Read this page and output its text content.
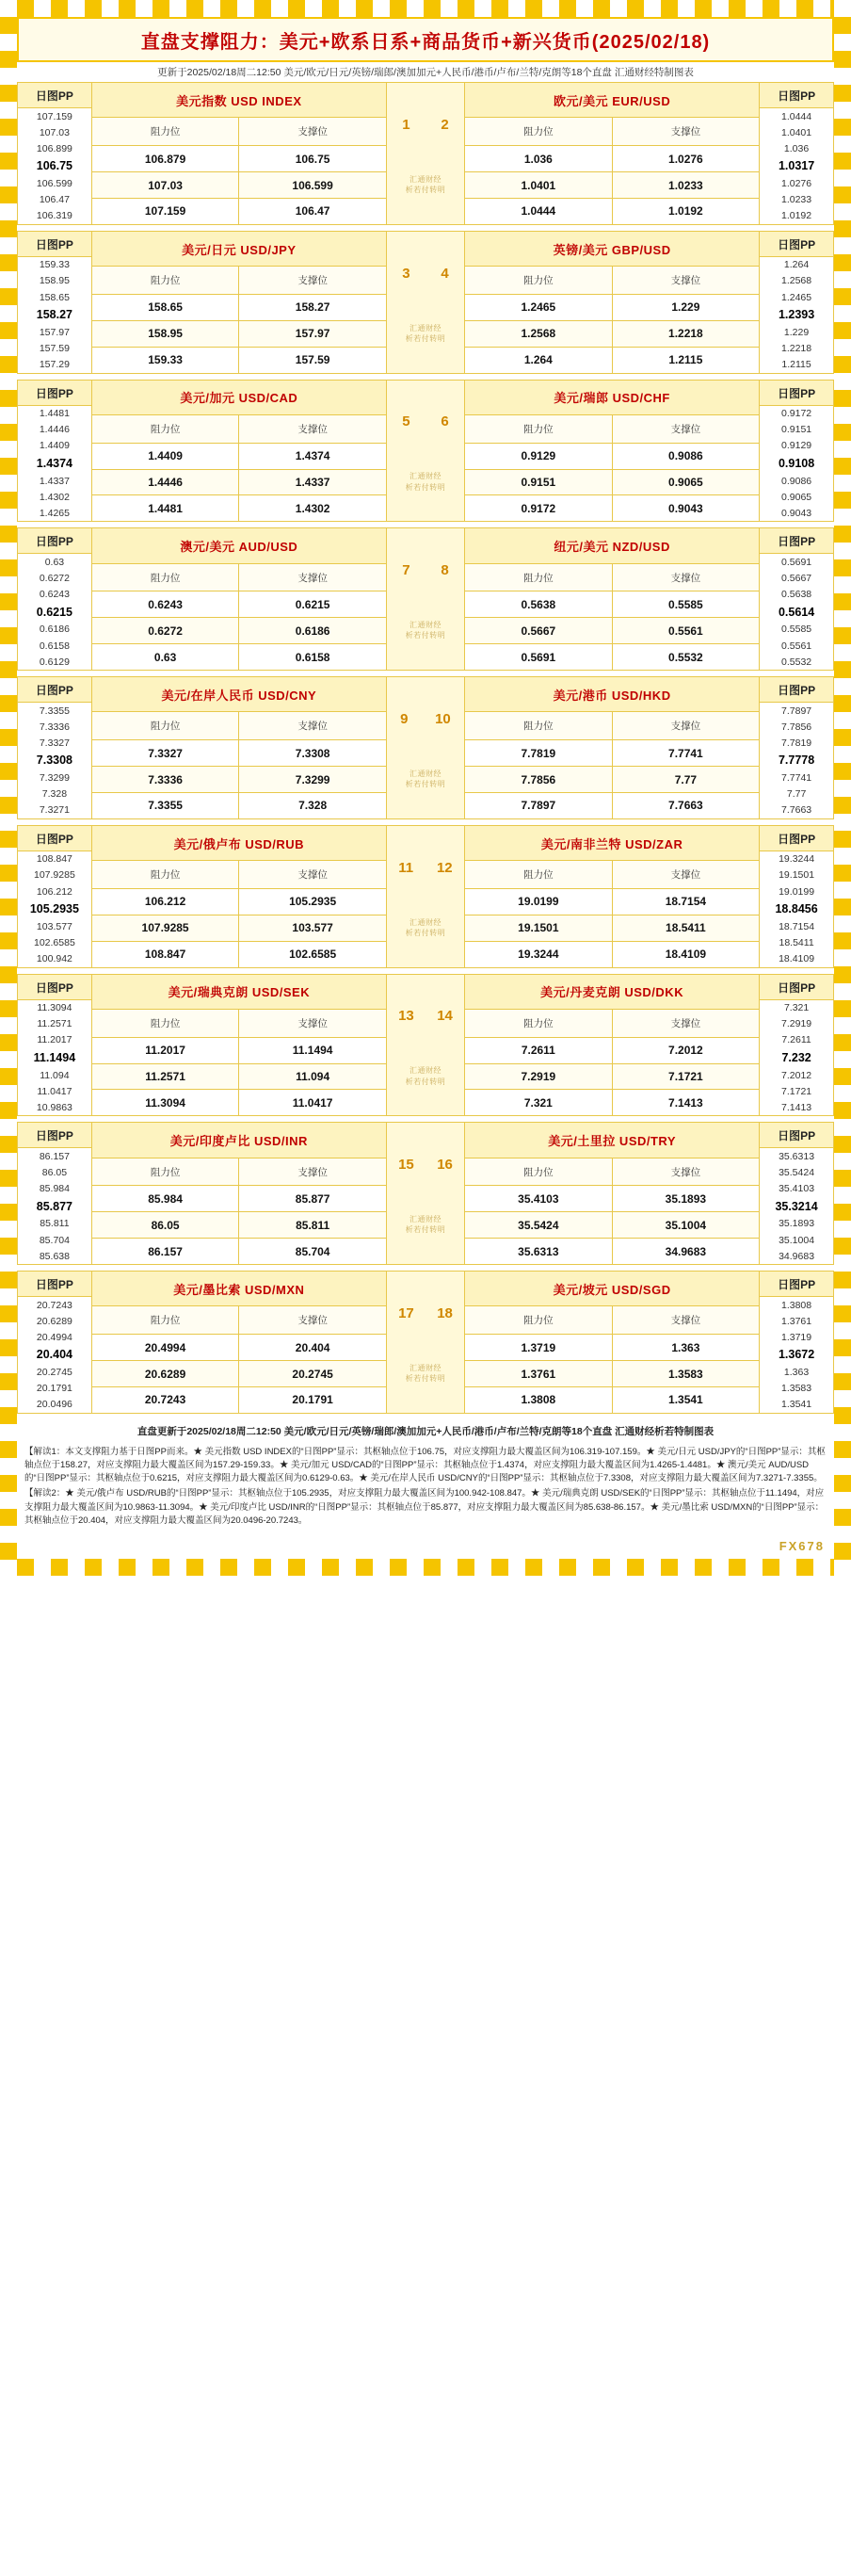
直盘支撑阻力：美元+欧系日系+商品货币+新兴货币(2025/02/18)
更新于2025/02/18周二12:50 美元/欧元/日元/英镑/瑞郎/澳加加元+人民币/港币/卢布/兰特/克朗等18个直盘 汇通财经特制图表
日图PP
107.159
107.03
106.899
106.75
106.599
106.47
106.319
	美元指数 USD INDEX	
1 2
汇通财经
析若付转明
	欧元/美元 EUR/USD	日图PP
1.0444
1.0401
1.036
1.0317
1.0276
1.0233
1.0192

	阻力位	支撑位		阻力位	支撑位	
	106.879	106.75		1.036	1.0276	
	107.03	106.599		1.0401	1.0233	
	107.159	106.47		1.0444	1.0192	
日图PP
159.33
158.95
158.65
158.27
157.97
157.59
157.29
	美元/日元 USD/JPY	
3 4
汇通财经
析若付转明
	英镑/美元 GBP/USD	日图PP
1.264
1.2568
1.2465
1.2393
1.229
1.2218
1.2115

	阻力位	支撑位		阻力位	支撑位	
	158.65	158.27		1.2465	1.229	
	158.95	157.97		1.2568	1.2218	
	159.33	157.59		1.264	1.2115	
日图PP
1.4481
1.4446
1.4409
1.4374
1.4337
1.4302
1.4265
	美元/加元 USD/CAD	
5 6
汇通财经
析若付转明
	美元/瑞郎 USD/CHF	日图PP
0.9172
0.9151
0.9129
0.9108
0.9086
0.9065
0.9043

	阻力位	支撑位		阻力位	支撑位	
	1.4409	1.4374		0.9129	0.9086	
	1.4446	1.4337		0.9151	0.9065	
	1.4481	1.4302		0.9172	0.9043	
日图PP
0.63
0.6272
0.6243
0.6215
0.6186
0.6158
0.6129
	澳元/美元 AUD/USD	
7 8
汇通财经
析若付转明
	纽元/美元 NZD/USD	日图PP
0.5691
0.5667
0.5638
0.5614
0.5585
0.5561
0.5532

	阻力位	支撑位		阻力位	支撑位	
	0.6243	0.6215		0.5638	0.5585	
	0.6272	0.6186		0.5667	0.5561	
	0.63	0.6158		0.5691	0.5532	
日图PP
7.3355
7.3336
7.3327
7.3308
7.3299
7.328
7.3271
	美元/在岸人民币 USD/CNY	
9 10
汇通财经
析若付转明
	美元/港币 USD/HKD	日图PP
7.7897
7.7856
7.7819
7.7778
7.7741
7.77
7.7663

	阻力位	支撑位		阻力位	支撑位	
	7.3327	7.3308		7.7819	7.7741	
	7.3336	7.3299		7.7856	7.77	
	7.3355	7.328		7.7897	7.7663	
日图PP
108.847
107.9285
106.212
105.2935
103.577
102.6585
100.942
	美元/俄卢布 USD/RUB	
11 12
汇通财经
析若付转明
	美元/南非兰特 USD/ZAR	日图PP
19.3244
19.1501
19.0199
18.8456
18.7154
18.5411
18.4109

	阻力位	支撑位		阻力位	支撑位	
	106.212	105.2935		19.0199	18.7154	
	107.9285	103.577		19.1501	18.5411	
	108.847	102.6585		19.3244	18.4109	
日图PP
11.3094
11.2571
11.2017
11.1494
11.094
11.0417
10.9863
	美元/瑞典克朗 USD/SEK	
13 14
汇通财经
析若付转明
	美元/丹麦克朗 USD/DKK	日图PP
7.321
7.2919
7.2611
7.232
7.2012
7.1721
7.1413

	阻力位	支撑位		阻力位	支撑位	
	11.2017	11.1494		7.2611	7.2012	
	11.2571	11.094		7.2919	7.1721	
	11.3094	11.0417		7.321	7.1413	
日图PP
86.157
86.05
85.984
85.877
85.811
85.704
85.638
	美元/印度卢比 USD/INR	
15 16
汇通财经
析若付转明
	美元/土里拉 USD/TRY	日图PP
35.6313
35.5424
35.4103
35.3214
35.1893
35.1004
34.9683

	阻力位	支撑位		阻力位	支撑位	
	85.984	85.877		35.4103	35.1893	
	86.05	85.811		35.5424	35.1004	
	86.157	85.704		35.6313	34.9683	
日图PP
20.7243
20.6289
20.4994
20.404
20.2745
20.1791
20.0496
	美元/墨比索 USD/MXN	
17 18
汇通财经
析若付转明
	美元/坡元 USD/SGD	日图PP
1.3808
1.3761
1.3719
1.3672
1.363
1.3583
1.3541

	阻力位	支撑位		阻力位	支撑位	
	20.4994	20.404		1.3719	1.363	
	20.6289	20.2745		1.3761	1.3583	
	20.7243	20.1791		1.3808	1.3541	
直盘更新于2025/02/18周二12:50 美元/欧元/日元/英镑/瑞郎/澳加加元+人民币/港币/卢布/兰特/克朗等18个直盘 汇通财经析若特制图表

【解读1：本文支撑阻力基于日图PP而来。★ 美元指数 USD INDEX的“日图PP”显示：其枢轴点位于106.75，对应支撑阻力最大覆盖区间为106.319-107.159。★ 美元/日元 USD/JPY的“日图PP”显示：其枢轴点位于158.27，对应支撑阻力最大覆盖区间为157.29-159.33。★ 美元/加元 USD/CAD的“日图PP”显示：其枢轴点位于1.4374，对应支撑阻力最大覆盖区间为1.4265-1.4481。★ 澳元/美元 AUD/USD的“日图PP”显示：其枢轴点位于0.6215，对应支撑阻力最大覆盖区间为0.6129-0.63。★ 美元/在岸人民币 USD/CNY的“日图PP”显示：其枢轴点位于7.3308，对应支撑阻力最大覆盖区间为7.3271-7.3355。

【解读2：★ 美元/俄卢布 USD/RUB的“日图PP”显示：其枢轴点位于105.2935，对应支撑阻力最大覆盖区间为100.942-108.847。★ 美元/瑞典克朗 USD/SEK的“日图PP”显示：其枢轴点位于11.1494，对应支撑阻力最大覆盖区间为10.9863-11.3094。★ 美元/印度卢比 USD/INR的“日图PP”显示：其枢轴点位于85.877，对应支撑阻力最大覆盖区间为85.638-86.157。★ 美元/墨比索 USD/MXN的“日图PP”显示：其枢轴点位于20.404，对应支撑阻力最大覆盖区间为20.0496-20.7243。

FX678
